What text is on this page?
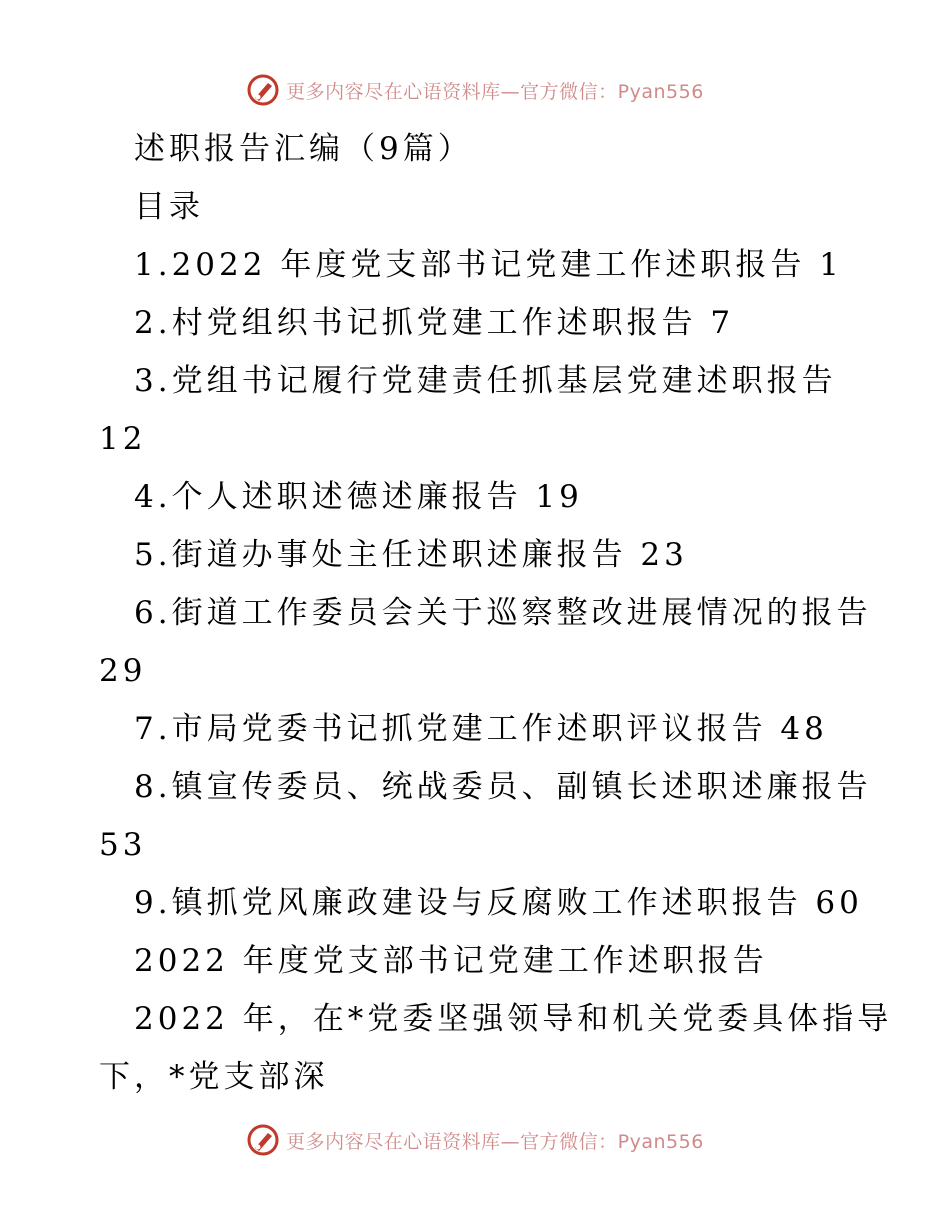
更多内容尽在心语资料库—官方微信：Pyan556
述职报告汇编（9篇）
目录
1.2022 年度党支部书记党建工作述职报告 1
2.村党组织书记抓党建工作述职报告 7
3.党组书记履行党建责任抓基层党建述职报告
12
4.个人述职述德述廉报告 19
5.街道办事处主任述职述廉报告 23
6.街道工作委员会关于巡察整改进展情况的报告
29
7.市局党委书记抓党建工作述职评议报告 48
8.镇宣传委员、统战委员、副镇长述职述廉报告
53
9.镇抓党风廉政建设与反腐败工作述职报告 60
2022 年度党支部书记党建工作述职报告
2022 年，在*党委坚强领导和机关党委具体指导
下，*党支部深
更多内容尽在心语资料库—官方微信：Pyan556
